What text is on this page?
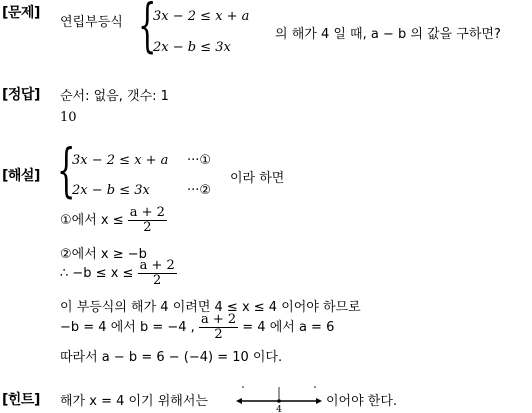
[문제]
연립부등식 {
3x − 2 ≤ x + a
2x − b ≤ 3x
의 해가 4 일 때, a − b 의 값을 구하면?
[정답] 순서: 없음, 갯수: 1
10
[해설] {
3x − 2 ≤ x + a ···①
2x − b ≤ 3x	···②
이라 하면
①에서 $x \le \frac{a + 2}{2}$
②에서 x ≥ −b
∴ $-b \le x \le \frac{a + 2}{2}$
이 부등식의 해가 4 이려면 4 ≤ x ≤ 4 이어야 하므로
−b = 4 에서 b = −4 , $\frac{a + 2}{2} = 4$ 에서 a = 6
따라서 a − b = 6 − (−4) = 10 이다.
[힌트] 해가 x = 4 이기 위해서는
4
이어야 한다.
